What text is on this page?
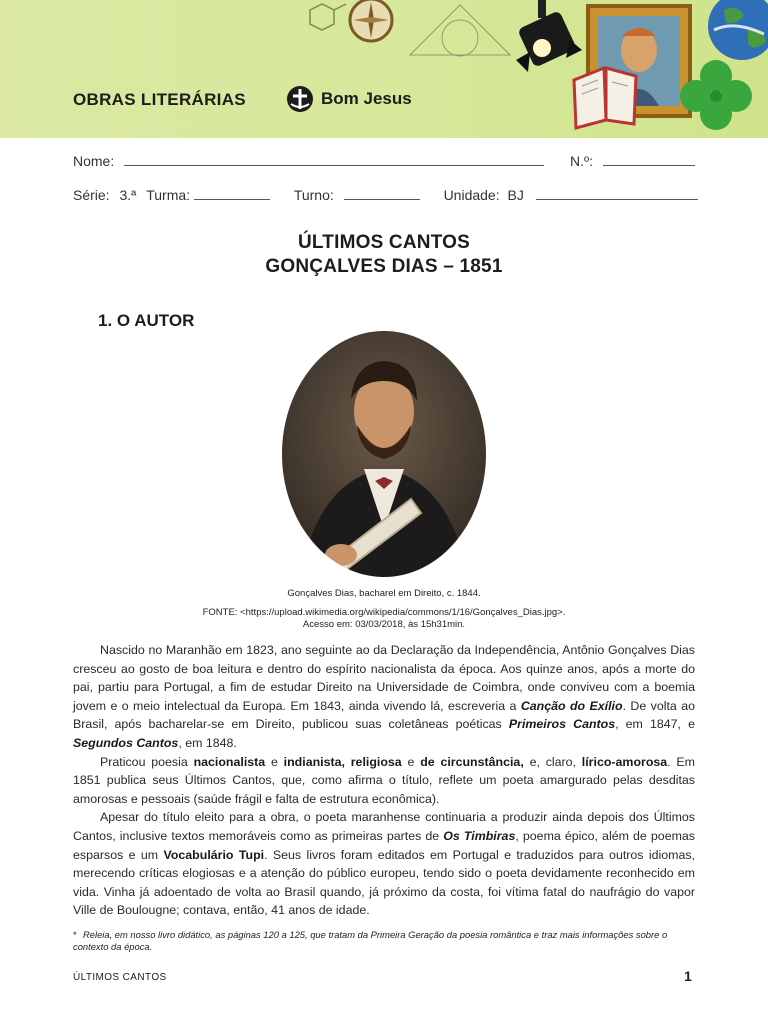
OBRAS LITERÁRIAS	Bom Jesus
Nome:	N.º:
Série: 3.ª Turma:	Turno:	Unidade: BJ
ÚLTIMOS CANTOS
GONÇALVES DIAS – 1851
1. O AUTOR
Gonçalves Dias, bacharel em Direito, c. 1844.
FONTE: <https://upload.wikimedia.org/wikipedia/commons/1/16/Gonçalves_Dias.jpg>.
Acesso em: 03/03/2018, às 15h31min.

Nascido no Maranhão em 1823, ano seguinte ao da Declaração da Independência, Antônio Gonçalves Dias cresceu ao gosto de boa leitura e dentro do espírito nacionalista da época. Aos quinze anos, após a morte do pai, partiu para Portugal, a fim de estudar Direito na Universidade de Coimbra, onde conviveu com a boemia jovem e o meio intelectual da Europa. Em 1843, ainda vivendo lá, escreveria a Canção do Exílio. De volta ao Brasil, após bacharelar-se em Direito, publicou suas coletâneas poéticas Primeiros Cantos, em 1847, e Segundos Cantos, em 1848.

Praticou poesia nacionalista e indianista, religiosa e de circunstância, e, claro, lírico-amorosa. Em 1851 publica seus Últimos Cantos, que, como afirma o título, reflete um poeta amargurado pelas desditas amorosas e pessoais (saúde frágil e falta de estrutura econômica).

Apesar do título eleito para a obra, o poeta maranhense continuaria a produzir ainda depois dos Últimos Cantos, inclusive textos memoráveis como as primeiras partes de Os Timbiras, poema épico, além de poemas esparsos e um Vocabulário Tupi. Seus livros foram editados em Portugal e traduzidos para outros idiomas, merecendo críticas elogiosas e a atenção do público europeu, tendo sido o poeta devidamente reconhecido em vida. Vinha já adoentado de volta ao Brasil quando, já próximo da costa, foi vítima fatal do naufrágio do vapor Ville de Boulougne; contava, então, 41 anos de idade.

* Releia, em nosso livro didático, as páginas 120 a 125, que tratam da Primeira Geração da poesia romântica e traz mais informações sobre o contexto da época.
ÚLTIMOS CANTOS	1
